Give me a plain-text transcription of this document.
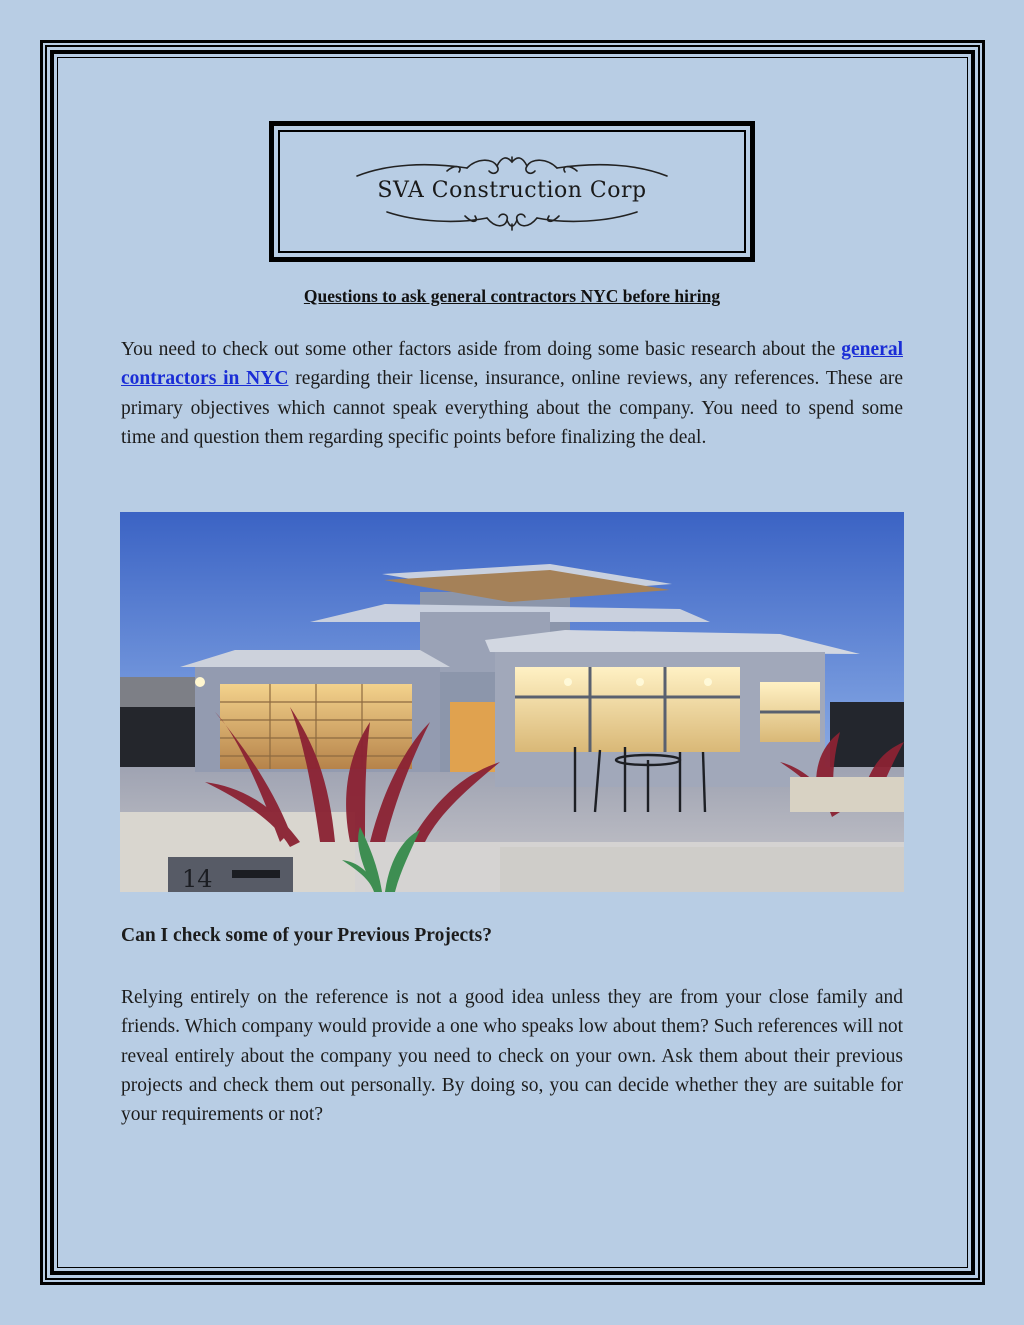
SVA Construction Corp
Questions to ask general contractors NYC before hiring

You need to check out some other factors aside from doing some basic research about the general contractors in NYC regarding their license, insurance, online reviews, any references. These are primary objectives which cannot speak everything about the company. You need to spend some time and question them regarding specific points before finalizing the deal.

14
Can I check some of your Previous Projects?

Relying entirely on the reference is not a good idea unless they are from your close family and friends. Which company would provide a one who speaks low about them? Such references will not reveal entirely about the company you need to check on your own. Ask them about their previous projects and check them out personally. By doing so, you can decide whether they are suitable for your requirements or not?
